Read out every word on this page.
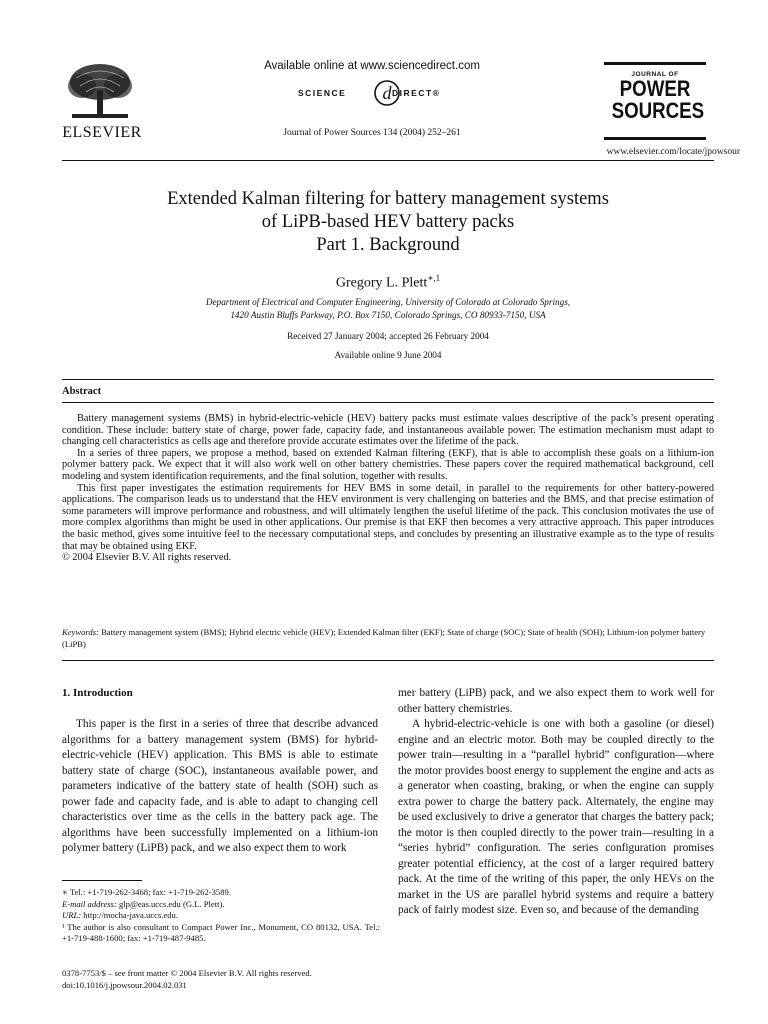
ELSEVIER
Available online at www.sciencedirect.com
d
SCIENCE	DIRECT®
Journal of Power Sources 134 (2004) 252–261
JOURNAL OF
POWER
SOURCES
www.elsevier.com/locate/jpowsour
Extended Kalman filtering for battery management systems
of LiPB-based HEV battery packs
Part 1. Background
Gregory L. Plett$^{∗,1}$
Department of Electrical and Computer Engineering, University of Colorado at Colorado Springs,
1420 Austin Bluffs Parkway, P.O. Box 7150, Colorado Springs, CO 80933-7150, USA
Received 27 January 2004; accepted 26 February 2004
Available online 9 June 2004
Abstract

Battery management systems (BMS) in hybrid-electric-vehicle (HEV) battery packs must estimate values descriptive of the pack’s present operating condition. These include: battery state of charge, power fade, capacity fade, and instantaneous available power. The estimation mechanism must adapt to changing cell characteristics as cells age and therefore provide accurate estimates over the lifetime of the pack.

In a series of three papers, we propose a method, based on extended Kalman filtering (EKF), that is able to accomplish these goals on a lithium-ion polymer battery pack. We expect that it will also work well on other battery chemistries. These papers cover the required mathematical background, cell modeling and system identification requirements, and the final solution, together with results.

This first paper investigates the estimation requirements for HEV BMS in some detail, in parallel to the requirements for other battery-powered applications. The comparison leads us to understand that the HEV environment is very challenging on batteries and the BMS, and that precise estimation of some parameters will improve performance and robustness, and will ultimately lengthen the useful lifetime of the pack. This conclusion motivates the use of more complex algorithms than might be used in other applications. Our premise is that EKF then becomes a very attractive approach. This paper introduces the basic method, gives some intuitive feel to the necessary computational steps, and concludes by presenting an illustrative example as to the type of results that may be obtained using EKF.

© 2004 Elsevier B.V. All rights reserved.

Keywords: Battery management system (BMS); Hybrid electric vehicle (HEV); Extended Kalman filter (EKF); State of charge (SOC); State of health (SOH); Lithium-ion polymer battery (LiPB)
1. Introduction

This paper is the first in a series of three that describe advanced algorithms for a battery management system (BMS) for hybrid-electric-vehicle (HEV) application. This BMS is able to estimate battery state of charge (SOC), instantaneous available power, and parameters indicative of the battery state of health (SOH) such as power fade and capacity fade, and is able to adapt to changing cell characteristics over time as the cells in the battery pack age. The algorithms have been successfully implemented on a lithium-ion polymer battery (LiPB) pack, and we also expect them to work

mer battery (LiPB) pack, and we also expect them to work well for other battery chemistries.

A hybrid-electric-vehicle is one with both a gasoline (or diesel) engine and an electric motor. Both may be coupled directly to the power train—resulting in a “parallel hybrid” configuration—where the motor provides boost energy to supplement the engine and acts as a generator when coasting, braking, or when the engine can supply extra power to charge the battery pack. Alternately, the engine may be used exclusively to drive a generator that charges the battery pack; the motor is then coupled directly to the power train—resulting in a “series hybrid” configuration. The series configuration promises greater potential efficiency, at the cost of a larger required battery pack. At the time of the writing of this paper, the only HEVs on the market in the US are parallel hybrid systems and require a battery pack of fairly modest size. Even so, and because of the demanding

∗ Tel.: +1-719-262-3468; fax: +1-719-262-3589.
E-mail address: glp@eas.uccs.edu (G.L. Plett).
URL: http://mocha-java.uccs.edu.
¹ The author is also consultant to Compact Power Inc., Monument, CO 80132, USA. Tel.: +1-719-488-1600; fax: +1-719-487-9485.
0378-7753/$ – see front matter © 2004 Elsevier B.V. All rights reserved.
doi:10.1016/j.jpowsour.2004.02.031
